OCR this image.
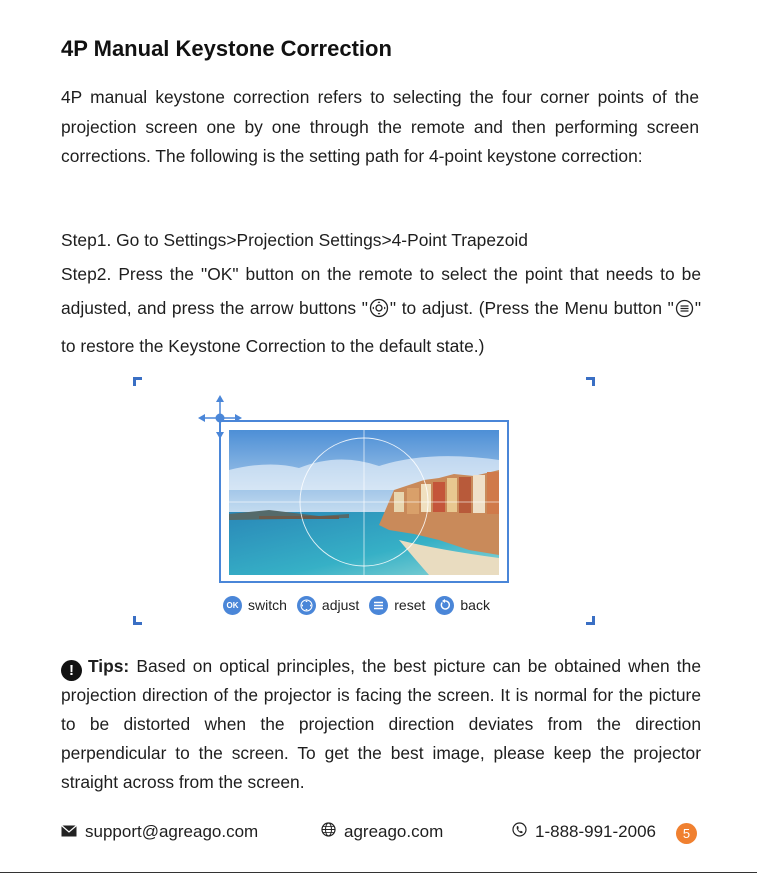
4P Manual Keystone Correction
4P manual keystone correction refers to selecting the four corner points of the projection screen one by one through the remote and then performing screen corrections. The following is the setting path for 4-point keystone correction:
Step1. Go to Settings>Projection Settings>4-Point Trapezoid
Step2. Press the "OK" button on the remote to select the point that needs to be adjusted, and press the arrow buttons " " to adjust. (Press the Menu button " " to restore the Keystone Correction to the default state.)
OK switch	adjust	reset	back
! Tips: Based on optical principles, the best picture can be obtained when the projection direction of the projector is facing the screen. It is normal for the picture to be distorted when the projection direction deviates from the direction perpendicular to the screen. To get the best image, please keep the projector straight across from the screen.
support@agreago.com	agreago.com	1-888-991-2006	5
